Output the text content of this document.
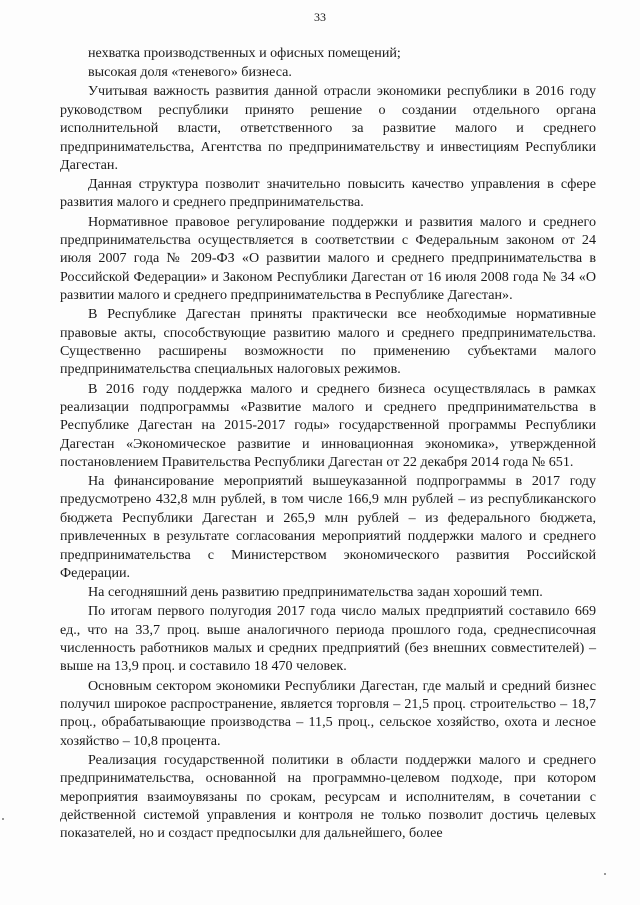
33

нехватка производственных и офисных помещений;

высокая доля «теневого» бизнеса.

Учитывая важность развития данной отрасли экономики республики в 2016 году руководством республики принято решение о создании отдельного органа исполнительной власти, ответственного за развитие малого и среднего предпринимательства, Агентства по предпринимательству и инвестициям Республики Дагестан.

Данная структура позволит значительно повысить качество управления в сфере развития малого и среднего предпринимательства.

Нормативное правовое регулирование поддержки и развития малого и среднего предпринимательства осуществляется в соответствии с Федеральным законом от 24 июля 2007 года № 209-ФЗ «О развитии малого и среднего предпринимательства в Российской Федерации» и Законом Республики Дагестан от 16 июля 2008 года № 34 «О развитии малого и среднего предпринимательства в Республике Дагестан».

В Республике Дагестан приняты практически все необходимые нормативные правовые акты, способствующие развитию малого и среднего предпринимательства. Существенно расширены возможности по применению субъектами малого предпринимательства специальных налоговых режимов.

В 2016 году поддержка малого и среднего бизнеса осуществлялась в рамках реализации подпрограммы «Развитие малого и среднего предпринимательства в Республике Дагестан на 2015-2017 годы» государственной программы Республики Дагестан «Экономическое развитие и инновационная экономика», утвержденной постановлением Правительства Республики Дагестан от 22 декабря 2014 года № 651.

На финансирование мероприятий вышеуказанной подпрограммы в 2017 году предусмотрено 432,8 млн рублей, в том числе 166,9 млн рублей – из республиканского бюджета Республики Дагестан и 265,9 млн рублей – из федерального бюджета, привлеченных в результате согласования мероприятий поддержки малого и среднего предпринимательства с Министерством экономического развития Российской Федерации.

На сегодняшний день развитию предпринимательства задан хороший темп.

По итогам первого полугодия 2017 года число малых предприятий составило 669 ед., что на 33,7 проц. выше аналогичного периода прошлого года, среднесписочная численность работников малых и средних предприятий (без внешних совместителей) – выше на 13,9 проц. и составило 18 470 человек.

Основным сектором экономики Республики Дагестан, где малый и средний бизнес получил широкое распространение, является торговля – 21,5 проц. строительство – 18,7 проц., обрабатывающие производства – 11,5 проц., сельское хозяйство, охота и лесное хозяйство – 10,8 процента.

Реализация государственной политики в области поддержки малого и среднего предпринимательства, основанной на программно-целевом подходе, при котором мероприятия взаимоувязаны по срокам, ресурсам и исполнителям, в сочетании с действенной системой управления и контроля не только позволит достичь целевых показателей, но и создаст предпосылки для дальнейшего, более
